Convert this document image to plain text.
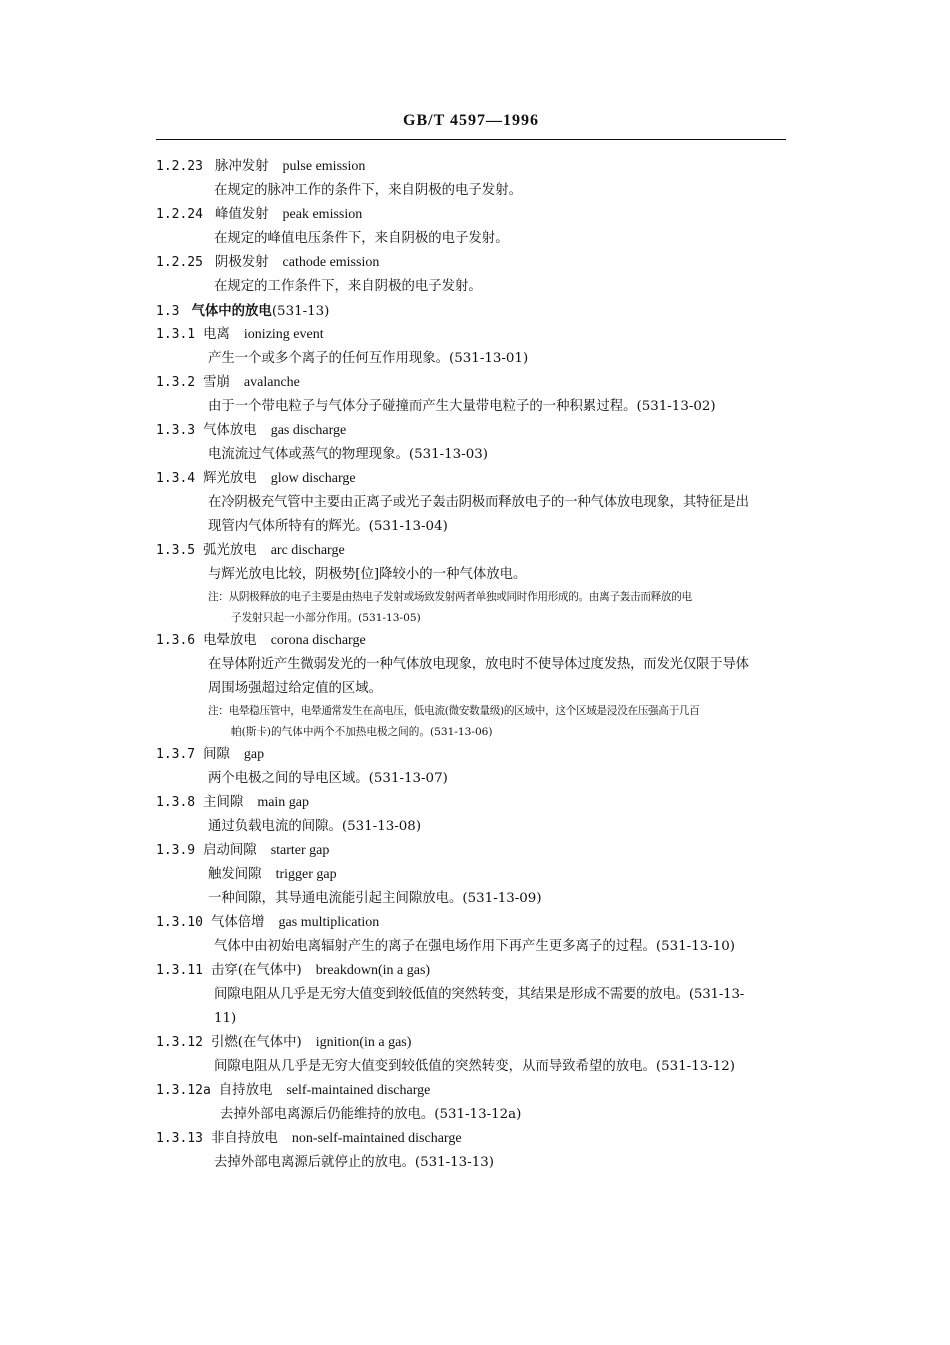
GB/T 4597—1996
1.2.23 脉冲发射 pulse emission
在规定的脉冲工作的条件下，来自阴极的电子发射。
1.2.24 峰值发射 peak emission
在规定的峰值电压条件下，来自阴极的电子发射。
1.2.25 阴极发射 cathode emission
在规定的工作条件下，来自阴极的电子发射。
1.3 气体中的放电(531-13)
1.3.1 电离 ionizing event
产生一个或多个离子的任何互作用现象。(531-13-01)
1.3.2 雪崩 avalanche
由于一个带电粒子与气体分子碰撞而产生大量带电粒子的一种积累过程。(531-13-02)
1.3.3 气体放电 gas discharge
电流流过气体或蒸气的物理现象。(531-13-03)
1.3.4 辉光放电 glow discharge
在冷阴极充气管中主要由正离子或光子轰击阴极而释放电子的一种气体放电现象，其特征是出
现管内气体所特有的辉光。(531-13-04)
1.3.5 弧光放电 arc discharge
与辉光放电比较，阴极势[位]降较小的一种气体放电。
注：从阴极释放的电子主要是由热电子发射或场致发射两者单独或同时作用形成的。由离子轰击而释放的电
子发射只起一小部分作用。(531-13-05)
1.3.6 电晕放电 corona discharge
在导体附近产生微弱发光的一种气体放电现象，放电时不使导体过度发热，而发光仅限于导体
周围场强超过给定值的区域。
注：电晕稳压管中，电晕通常发生在高电压，低电流(微安数量级)的区域中，这个区域是浸没在压强高于几百
帕(斯卡)的气体中两个不加热电极之间的。(531-13-06)
1.3.7 间隙 gap
两个电极之间的导电区域。(531-13-07)
1.3.8 主间隙 main gap
通过负载电流的间隙。(531-13-08)
1.3.9 启动间隙 starter gap
触发间隙 trigger gap
一种间隙，其导通电流能引起主间隙放电。(531-13-09)
1.3.10 气体倍增 gas multiplication
气体中由初始电离辐射产生的离子在强电场作用下再产生更多离子的过程。(531-13-10)
1.3.11 击穿(在气体中) breakdown(in a gas)
间隙电阻从几乎是无穷大值变到较低值的突然转变，其结果是形成不需要的放电。(531-13-
11)
1.3.12 引燃(在气体中) ignition(in a gas)
间隙电阻从几乎是无穷大值变到较低值的突然转变，从而导致希望的放电。(531-13-12)
1.3.12a 自持放电 self-maintained discharge
去掉外部电离源后仍能维持的放电。(531-13-12a)
1.3.13 非自持放电 non-self-maintained discharge
去掉外部电离源后就停止的放电。(531-13-13)
